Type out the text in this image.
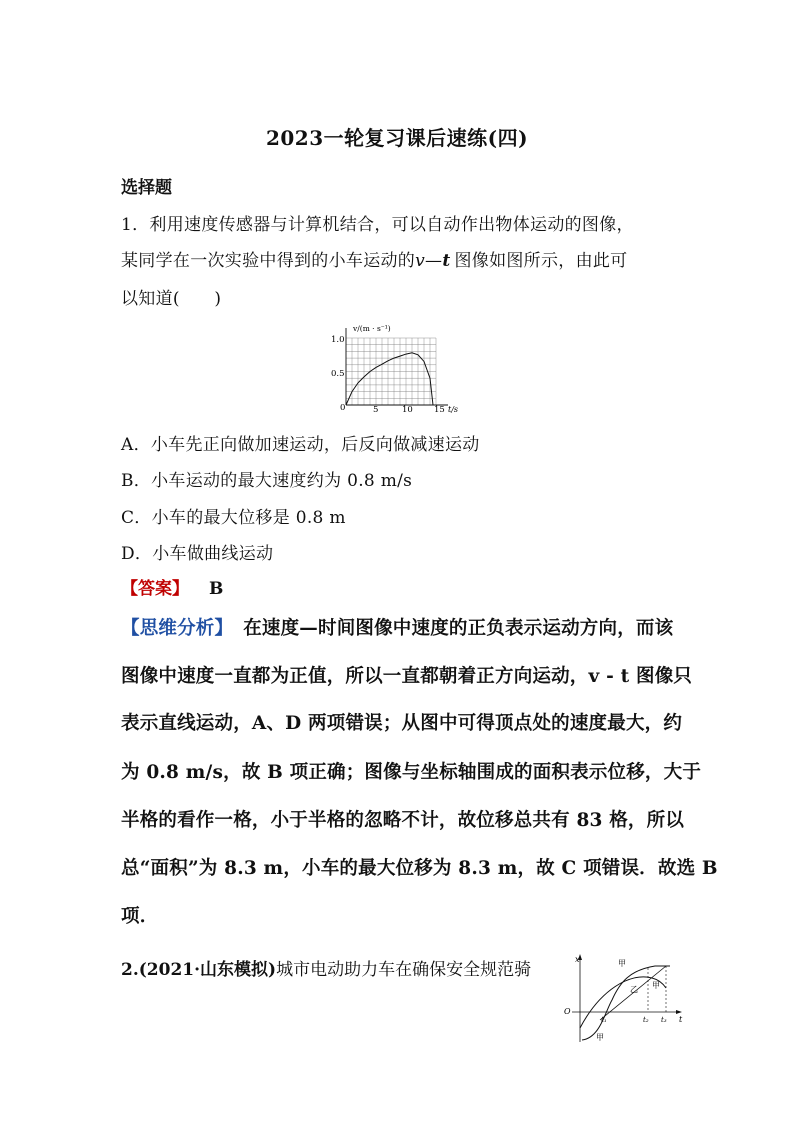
2023一轮复习课后速练(四)
选择题
1．利用速度传感器与计算机结合，可以自动作出物体运动的图像，
某同学在一次实验中得到的小车运动的v—t 图像如图所示，由此可
以知道(　　)
v/(m · s⁻¹)
t/s
1.0
0.5
0	5	10 15
A．小车先正向做加速运动，后反向做减速运动
B．小车运动的最大速度约为 0.8 m/s
C．小车的最大位移是 0.8 m
D．小车做曲线运动
【答案】 B
【思维分析】 在速度—时间图像中速度的正负表示运动方向，而该
图像中速度一直都为正值，所以一直都朝着正方向运动，v - t 图像只
表示直线运动，A、D 两项错误；从图中可得顶点处的速度最大，约
为 0.8 m/s，故 B 项正确；图像与坐标轴围成的面积表示位移，大于
半格的看作一格，小于半格的忽略不计，故位移总共有 83 格，所以
总“面积”为 8.3 m，小车的最大位移为 8.3 m，故 C 项错误．故选 B
项．
2.(2021·山东模拟)城市电动助力车在确保安全规范骑
x
t
O
甲
乙
甲
甲
t₁	t₂ t₃
